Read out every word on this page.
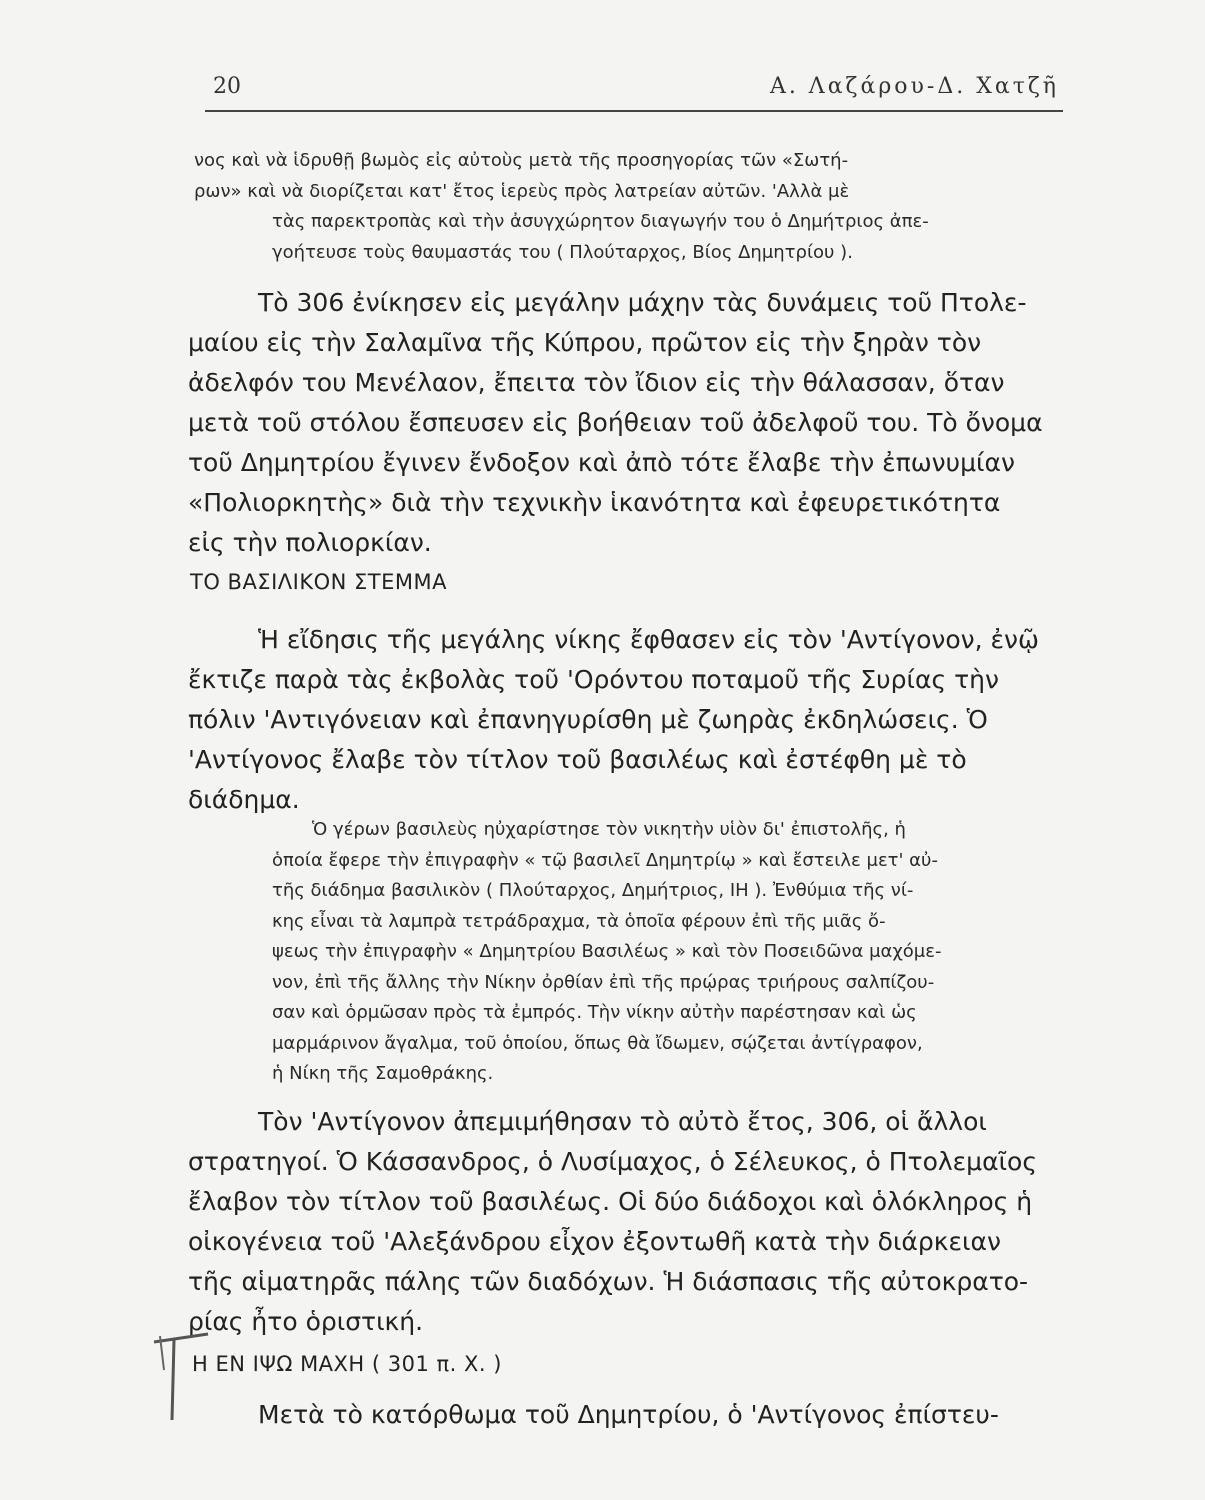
20	Α. Λαζάρου-Δ. Χατζῆ
νος καὶ νὰ ἱδρυθῇ βωμὸς εἰς αὐτοὺς μετὰ τῆς προσηγορίας τῶν «Σωτή-
ρων» καὶ νὰ διορίζεται κατ' ἔτος ἱερεὺς πρὸς λατρείαν αὐτῶν. 'Αλλὰ μὲ
τὰς παρεκτροπὰς καὶ τὴν ἀσυγχώρητον διαγωγήν του ὁ Δημήτριος ἀπε-
γοήτευσε τοὺς θαυμαστάς του ( Πλούταρχος, Βίος Δημητρίου ).
Τὸ 306 ἐνίκησεν εἰς μεγάλην μάχην τὰς δυνάμεις τοῦ Πτολε-
μαίου εἰς τὴν Σαλαμῖνα τῆς Κύπρου, πρῶτον εἰς τὴν ξηρὰν τὸν
ἀδελφόν του Μενέλαον, ἔπειτα τὸν ἴδιον εἰς τὴν θάλασσαν, ὅταν
μετὰ τοῦ στόλου ἔσπευσεν εἰς βοήθειαν τοῦ ἀδελφοῦ του. Τὸ ὄνομα
τοῦ Δημητρίου ἔγινεν ἔνδοξον καὶ ἀπὸ τότε ἔλαβε τὴν ἐπωνυμίαν
«Πολιορκητὴς» διὰ τὴν τεχνικὴν ἱκανότητα καὶ ἐφευρετικότητα
εἰς τὴν πολιορκίαν.
ΤΟ ΒΑΣΙΛΙΚΟΝ ΣΤΕΜΜΑ
Ἡ εἴδησις τῆς μεγάλης νίκης ἔφθασεν εἰς τὸν 'Αντίγονον, ἐνῷ
ἔκτιζε παρὰ τὰς ἐκβολὰς τοῦ 'Ορόντου ποταμοῦ τῆς Συρίας τὴν
πόλιν 'Αντιγόνειαν καὶ ἐπανηγυρίσθη μὲ ζωηρὰς ἐκδηλώσεις. Ὁ
'Αντίγονος ἔλαβε τὸν τίτλον τοῦ βασιλέως καὶ ἐστέφθη μὲ τὸ
διάδημα.
Ὁ γέρων βασιλεὺς ηὐχαρίστησε τὸν νικητὴν υἱὸν δι' ἐπιστολῆς, ἡ
ὁποία ἔφερε τὴν ἐπιγραφὴν « τῷ βασιλεῖ Δημητρίῳ » καὶ ἔστειλε μετ' αὐ-
τῆς διάδημα βασιλικὸν ( Πλούταρχος, Δημήτριος, ΙΗ ). Ἐνθύμια τῆς νί-
κης εἶναι τὰ λαμπρὰ τετράδραχμα, τὰ ὁποῖα φέρουν ἐπὶ τῆς μιᾶς ὄ-
ψεως τὴν ἐπιγραφὴν « Δημητρίου Βασιλέως » καὶ τὸν Ποσειδῶνα μαχόμε-
νον, ἐπὶ τῆς ἄλλης τὴν Νίκην ὀρθίαν ἐπὶ τῆς πρῴρας τριήρους σαλπίζου-
σαν καὶ ὁρμῶσαν πρὸς τὰ ἐμπρός. Τὴν νίκην αὐτὴν παρέστησαν καὶ ὡς
μαρμάρινον ἄγαλμα, τοῦ ὁποίου, ὅπως θὰ ἴδωμεν, σῴζεται ἀντίγραφον,
ἡ Νίκη τῆς Σαμοθράκης.
Τὸν 'Αντίγονον ἀπεμιμήθησαν τὸ αὐτὸ ἔτος, 306, οἱ ἄλλοι
στρατηγοί. Ὁ Κάσσανδρος, ὁ Λυσίμαχος, ὁ Σέλευκος, ὁ Πτολεμαῖος
ἔλαβον τὸν τίτλον τοῦ βασιλέως. Οἱ δύο διάδοχοι καὶ ὁλόκληρος ἡ
οἰκογένεια τοῦ 'Αλεξάνδρου εἶχον ἐξοντωθῆ κατὰ τὴν διάρκειαν
τῆς αἱματηρᾶς πάλης τῶν διαδόχων. Ἡ διάσπασις τῆς αὐτοκρατο-
ρίας ἦτο ὁριστική.
Η ΕΝ ΙΨΩ ΜΑΧΗ ( 301 π. Χ. )
Μετὰ τὸ κατόρθωμα τοῦ Δημητρίου, ὁ 'Αντίγονος ἐπίστευ-
